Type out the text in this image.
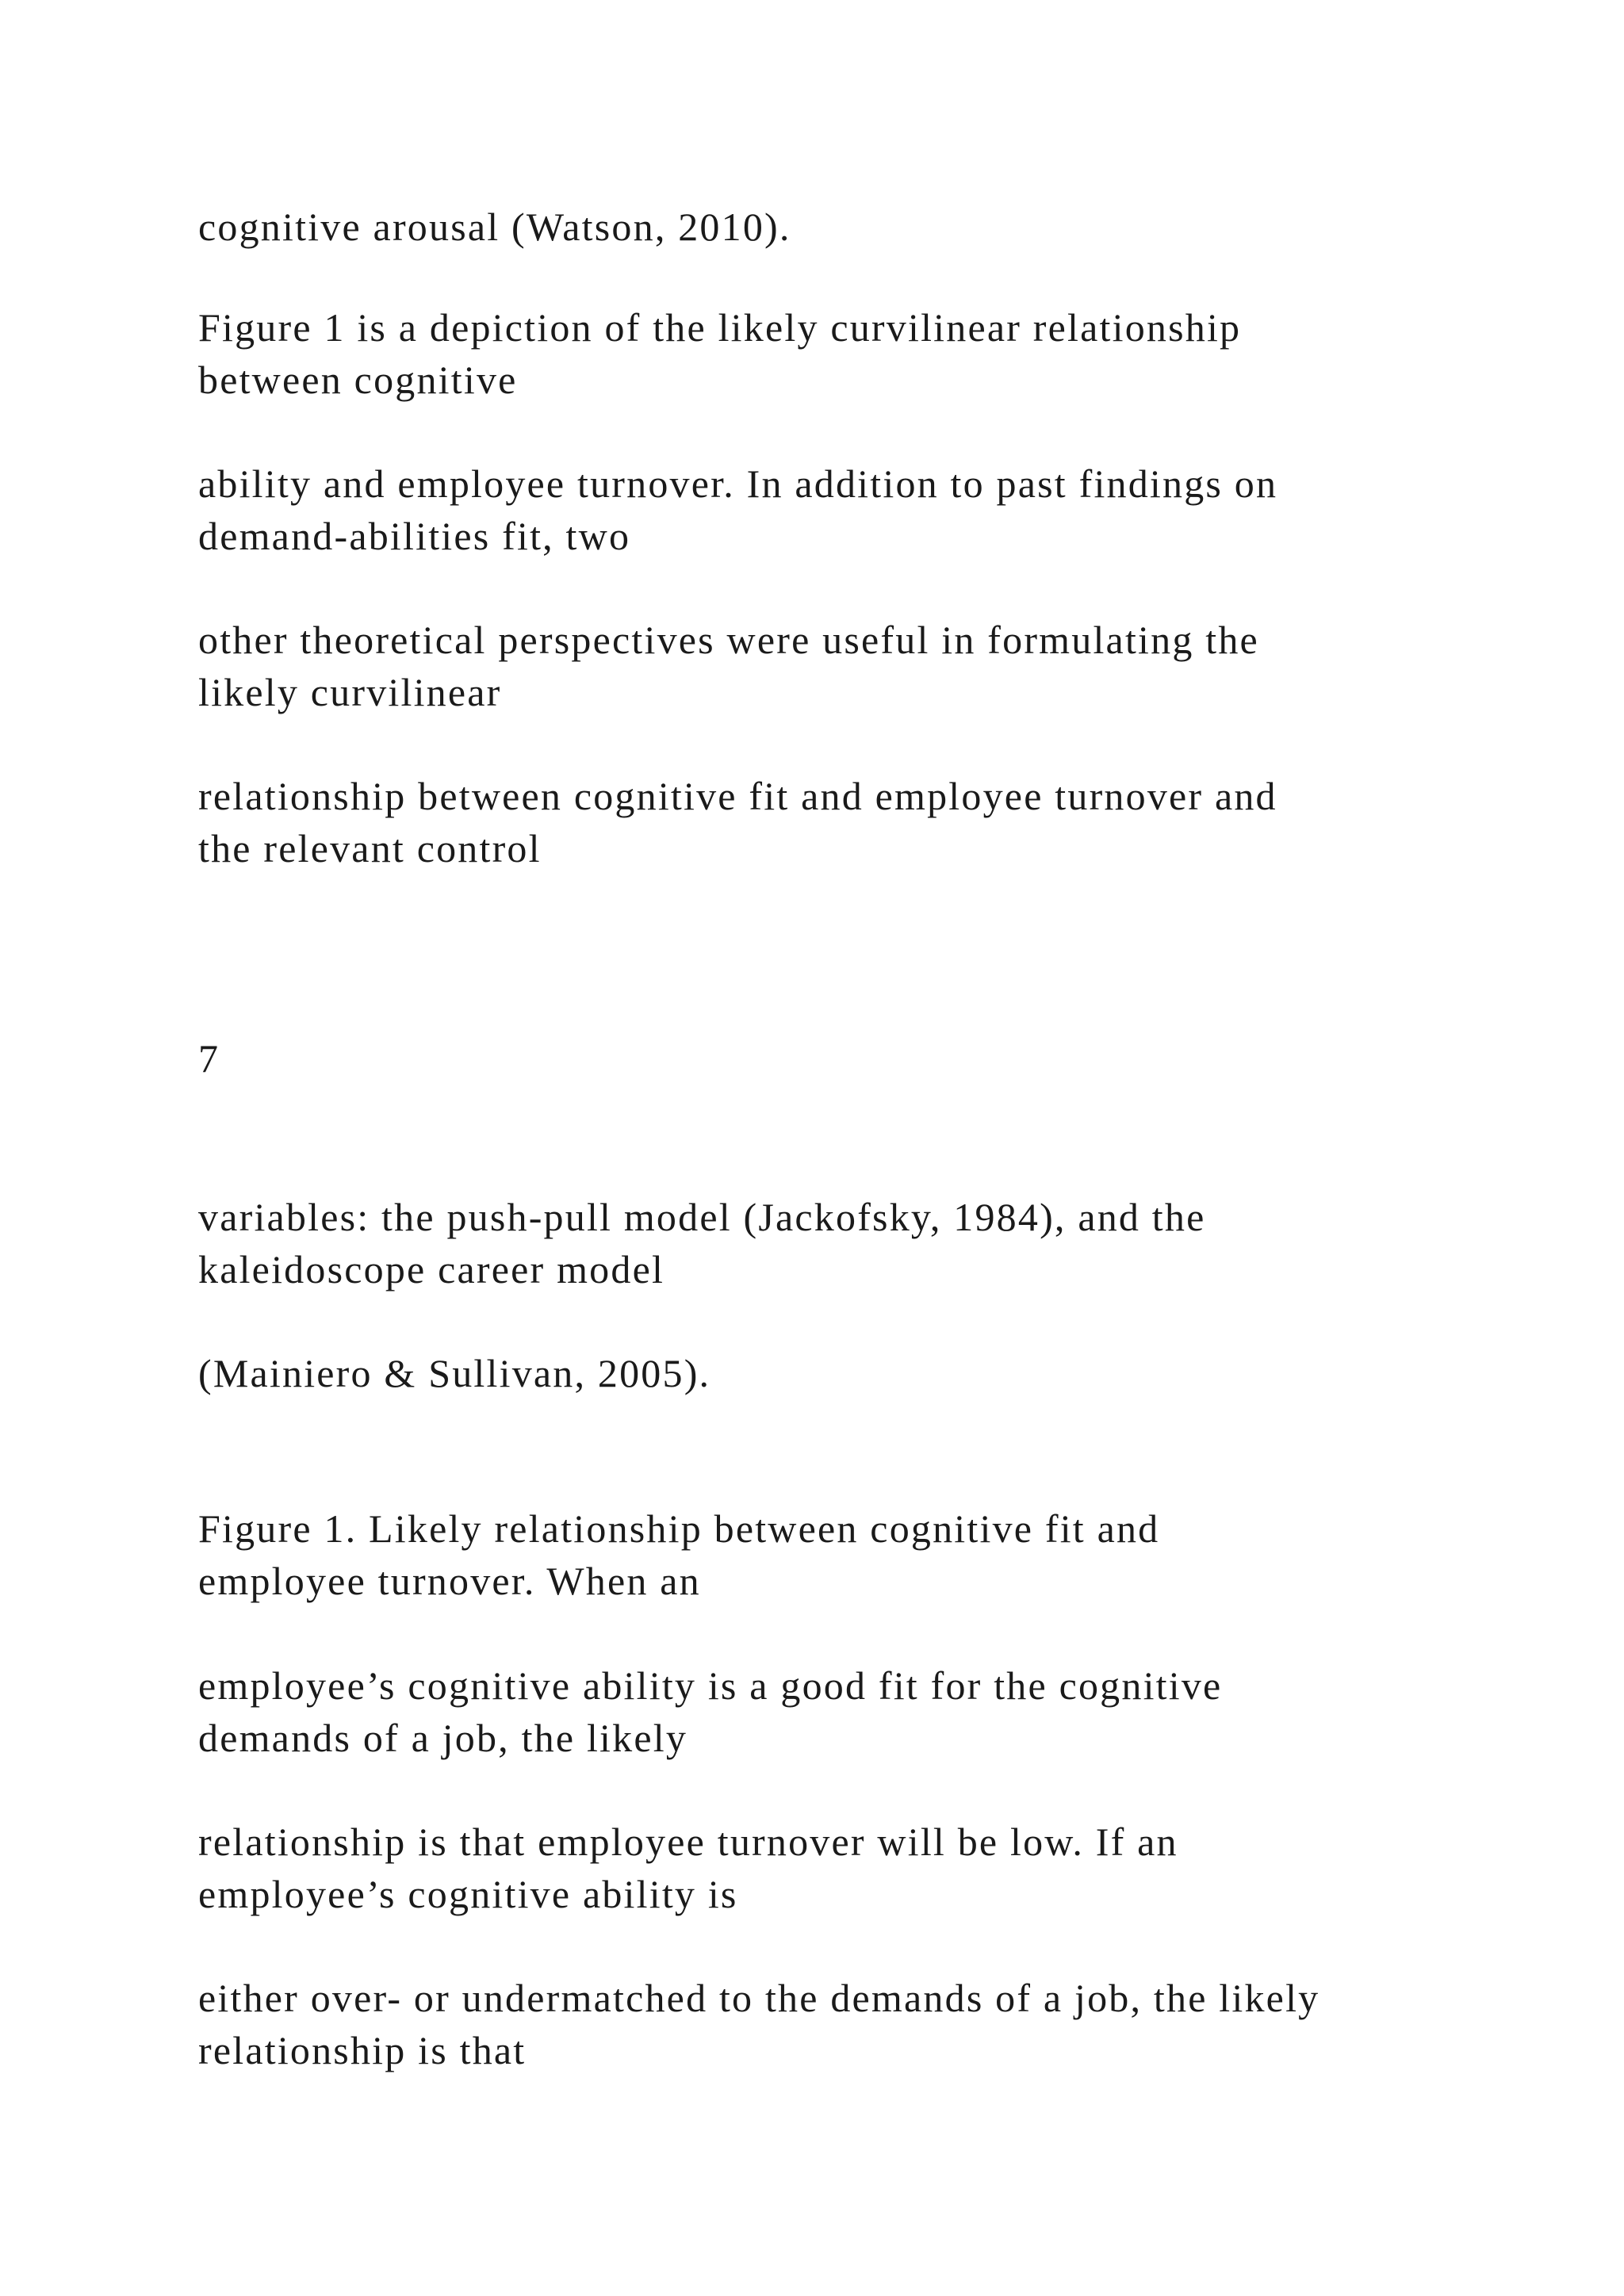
cognitive arousal (Watson, 2010).

Figure 1 is a depiction of the likely curvilinear relationship
between cognitive

ability and employee turnover. In addition to past findings on
demand-abilities fit, two

other theoretical perspectives were useful in formulating the
likely curvilinear

relationship between cognitive fit and employee turnover and
the relevant control

7

variables: the push-pull model (Jackofsky, 1984), and the
kaleidoscope career model

(Mainiero & Sullivan, 2005).

Figure 1. Likely relationship between cognitive fit and
employee turnover. When an

employee’s cognitive ability is a good fit for the cognitive
demands of a job, the likely

relationship is that employee turnover will be low. If an
employee’s cognitive ability is

either over- or undermatched to the demands of a job, the likely
relationship is that
